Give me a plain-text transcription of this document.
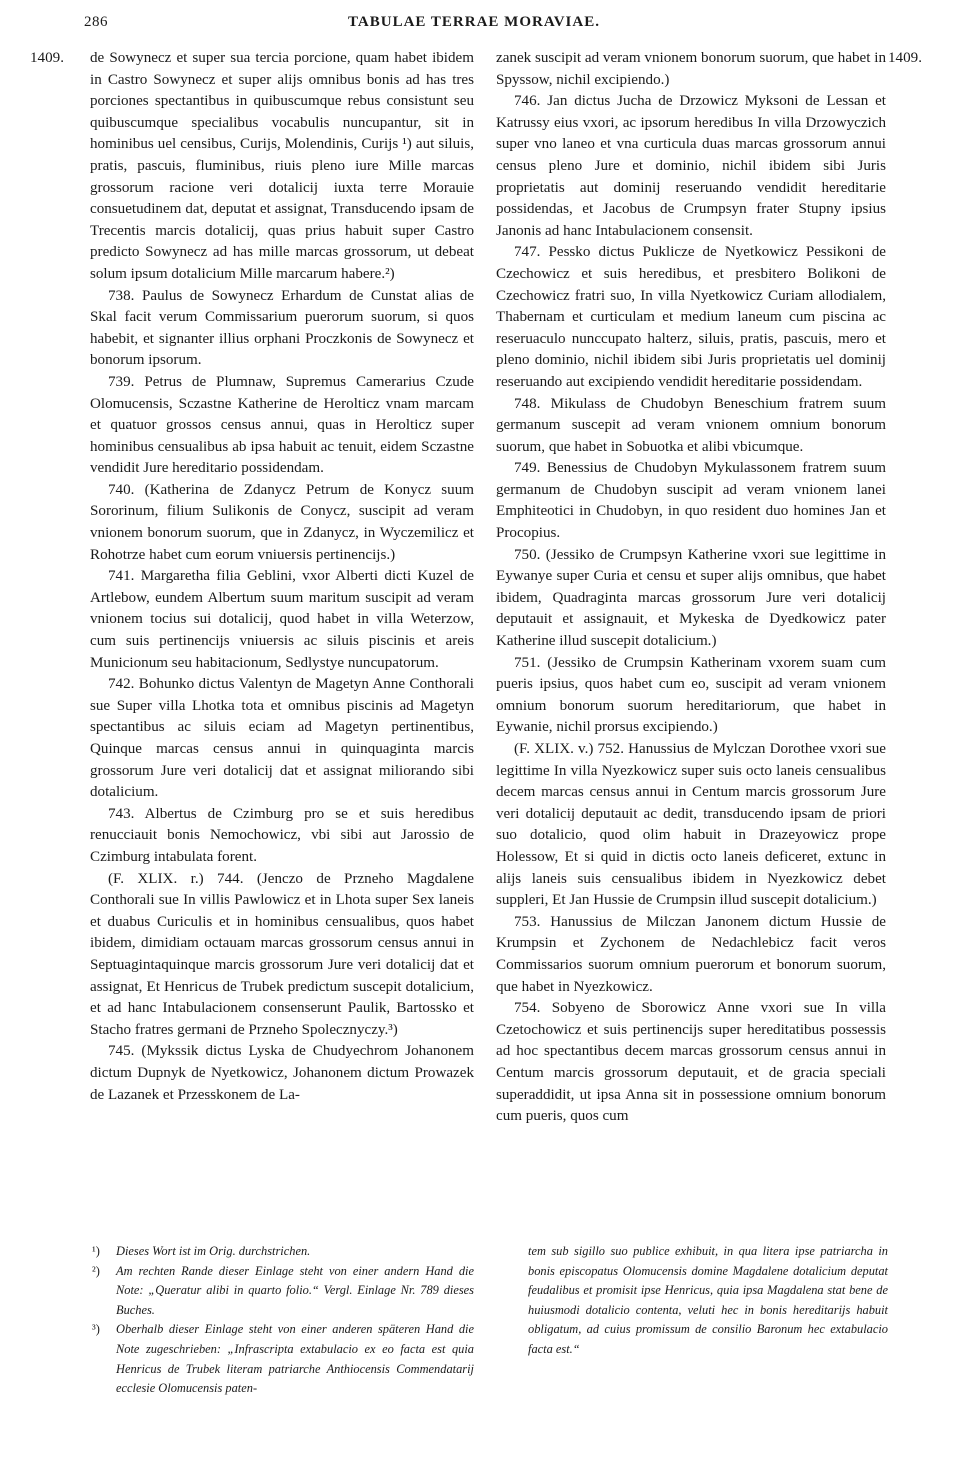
286	TABULAE TERRAE MORAVIAE.
1409.	1409.

de Sowynecz et super sua tercia porcione, quam habet ibidem in Castro Sowynecz et super alijs omnibus bonis ad has tres porciones spectantibus in quibuscumque rebus consistunt seu quibuscumque specialibus vocabulis nuncupantur, sit in hominibus uel censibus, Curijs, Molendinis, Curijs ¹) aut siluis, pratis, pascuis, fluminibus, riuis pleno iure Mille marcas grossorum racione veri dotalicij iuxta terre Morauie consuetudinem dat, deputat et assignat, Transducendo ipsam de Trecentis marcis dotalicij, quas prius habuit super Castro predicto Sowynecz ad has mille marcas grossorum, ut debeat solum ipsum dotalicium Mille marcarum habere.²)

738. Paulus de Sowynecz Erhardum de Cunstat alias de Skal facit verum Commissarium puerorum suorum, si quos habebit, et signanter illius orphani Proczkonis de Sowynecz et bonorum ipsorum.

739. Petrus de Plumnaw, Supremus Camerarius Czude Olomucensis, Sczastne Katherine de Herolticz vnam marcam et quatuor grossos census annui, quas in Herolticz super hominibus censualibus ab ipsa habuit ac tenuit, eidem Sczastne vendidit Jure hereditario possidendam.

740. (Katherina de Zdanycz Petrum de Konycz suum Sororinum, filium Sulikonis de Conycz, suscipit ad veram vnionem bonorum suorum, que in Zdanycz, in Wyczemilicz et Rohotrze habet cum eorum vniuersis pertinencijs.)

741. Margaretha filia Geblini, vxor Alberti dicti Kuzel de Artlebow, eundem Albertum suum maritum suscipit ad veram vnionem tocius sui dotalicij, quod habet in villa Weterzow, cum suis pertinencijs vniuersis ac siluis piscinis et areis Municionum seu habitacionum, Sedlystye nuncupatorum.

742. Bohunko dictus Valentyn de Magetyn Anne Conthorali sue Super villa Lhotka tota et omnibus piscinis ad Magetyn spectantibus ac siluis eciam ad Magetyn pertinentibus, Quinque marcas census annui in quinquaginta marcis grossorum Jure veri dotalicij dat et assignat miliorando sibi dotalicium.

743. Albertus de Czimburg pro se et suis heredibus renucciauit bonis Nemochowicz, vbi sibi aut Jarossio de Czimburg intabulata forent.

(F. XLIX. r.) 744. (Jenczo de Przneho Magdalene Conthorali sue In villis Pawlowicz et in Lhota super Sex laneis et duabus Curiculis et in hominibus censualibus, quos habet ibidem, dimidiam octauam marcas grossorum census annui in Septuagintaquinque marcis grossorum Jure veri dotalicij dat et assignat, Et Henricus de Trubek predictum suscepit dotalicium, et ad hanc Intabulacionem consenserunt Paulik, Bartossko et Stacho fratres germani de Przneho Spolecznyczy.³)

745. (Mykssik dictus Lyska de Chudyechrom Johanonem dictum Dupnyk de Nyetkowicz, Johanonem dictum Prowazek de Lazanek et Przesskonem de La-

zanek suscipit ad veram vnionem bonorum suorum, que habet in Spyssow, nichil excipiendo.)

746. Jan dictus Jucha de Drzowicz Myksoni de Lessan et Katrussy eius vxori, ac ipsorum heredibus In villa Drzowyczich super vno laneo et vna curticula duas marcas grossorum annui census pleno Jure et dominio, nichil ibidem sibi Juris proprietatis aut dominij reseruando vendidit hereditarie possidendas, et Jacobus de Crumpsyn frater Stupny ipsius Janonis ad hanc Intabulacionem consensit.

747. Pessko dictus Puklicze de Nyetkowicz Pessikoni de Czechowicz et suis heredibus, et presbitero Bolikoni de Czechowicz fratri suo, In villa Nyetkowicz Curiam allodialem, Thabernam et curticulam et medium laneum cum piscina ac reseruaculo nunccupato halterz, siluis, pratis, pascuis, mero et pleno dominio, nichil ibidem sibi Juris proprietatis uel dominij reseruando aut excipiendo vendidit hereditarie possidendam.

748. Mikulass de Chudobyn Beneschium fratrem suum germanum suscepit ad veram vnionem omnium bonorum suorum, que habet in Sobuotka et alibi vbicumque.

749. Benessius de Chudobyn Mykulassonem fratrem suum germanum de Chudobyn suscipit ad veram vnionem lanei Emphiteotici in Chudobyn, in quo resident duo homines Jan et Procopius.

750. (Jessiko de Crumpsyn Katherine vxori sue legittime in Eywanye super Curia et censu et super alijs omnibus, que habet ibidem, Quadraginta marcas grossorum Jure veri dotalicij deputauit et assignauit, et Mykeska de Dyedkowicz pater Katherine illud suscepit dotalicium.)

751. (Jessiko de Crumpsin Katherinam vxorem suam cum pueris ipsius, quos habet cum eo, suscipit ad veram vnionem omnium bonorum suorum hereditariorum, que habet in Eywanie, nichil prorsus excipiendo.)

(F. XLIX. v.) 752. Hanussius de Mylczan Dorothee vxori sue legittime In villa Nyezkowicz super suis octo laneis censualibus decem marcas census annui in Centum marcis grossorum Jure veri dotalicij deputauit ac dedit, transducendo ipsam de priori suo dotalicio, quod olim habuit in Drazeyowicz prope Holessow, Et si quid in dictis octo laneis deficeret, extunc in alijs laneis suis censualibus ibidem in Nyezkowicz debet suppleri, Et Jan Hussie de Crumpsin illud suscepit dotalicium.)

753. Hanussius de Milczan Janonem dictum Hussie de Krumpsin et Zychonem de Nedachlebicz facit veros Commissarios suorum omnium puerorum et bonorum suorum, que habet in Nyezkowicz.

754. Sobyeno de Sborowicz Anne vxori sue In villa Czetochowicz et suis pertinencijs super hereditatibus possessis ad hoc spectantibus decem marcas grossorum census annui in Centum marcis grossorum deputauit, et de gracia speciali superaddidit, ut ipsa Anna sit in possessione omnium bonorum cum pueris, quos cum

¹) Dieses Wort ist im Orig. durchstrichen.
²) Am rechten Rande dieser Einlage steht von einer andern Hand die Note: „Queratur alibi in quarto folio.“ Vergl. Einlage Nr. 789 dieses Buches.
³) Oberhalb dieser Einlage steht von einer anderen späteren Hand die Note zugeschrieben: „Infrascripta extabulacio ex eo facta est quia Henricus de Trubek literam patriarche Anthiocensis Commendatarij ecclesie Olomucensis paten-

tem sub sigillo suo publice exhibuit, in qua litera ipse patriarcha in bonis episcopatus Olomucensis domine Magdalene dotalicium deputat feudalibus et promisit ipse Henricus, quia ipsa Magdalena stat bene de huiusmodi dotalicio contenta, veluti hec in bonis hereditarijs habuit obligatum, ad cuius promissum de consilio Baronum hec extabulacio facta est.“
